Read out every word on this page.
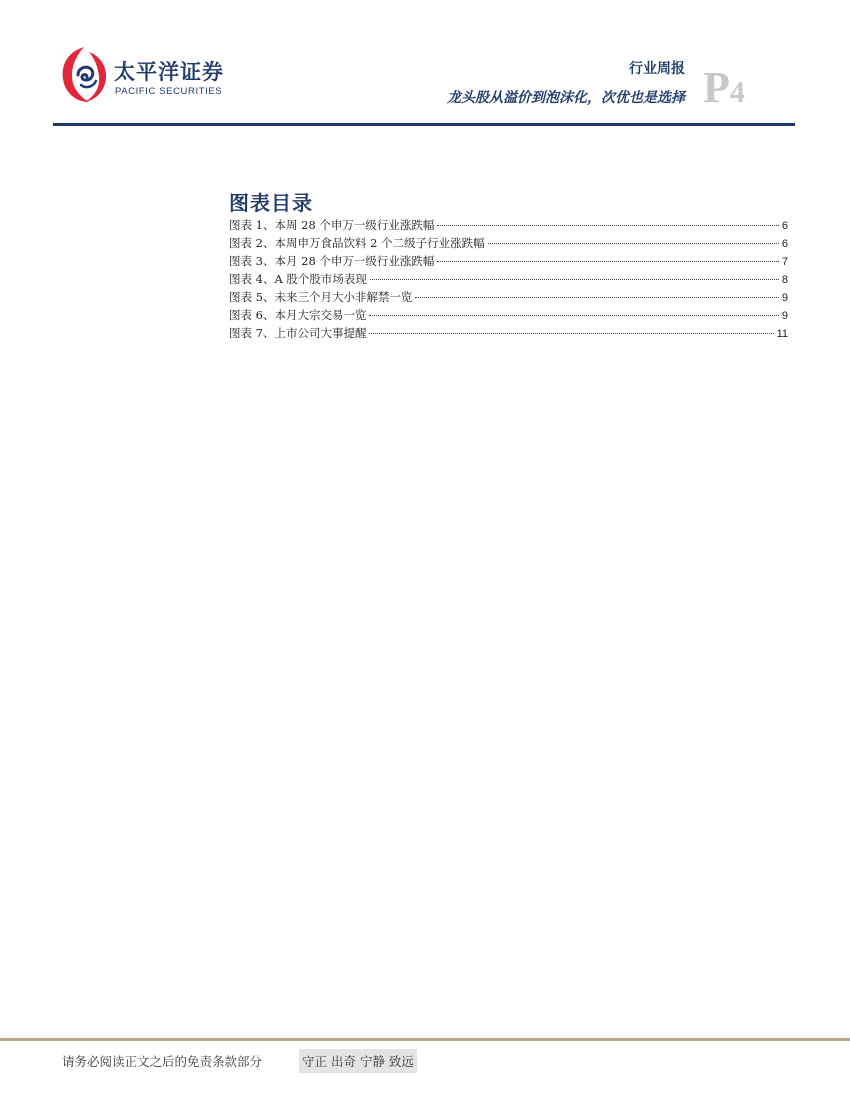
太平洋证券
PACIFIC SECURITIES
行业周报
龙头股从溢价到泡沫化，次优也是选择 P4
图表目录
图表 1、本周 28 个申万一级行业涨跌幅	6
图表 2、本周申万食品饮料 2 个二级子行业涨跌幅	6
图表 3、本月 28 个申万一级行业涨跌幅	7
图表 4、A 股个股市场表现	8
图表 5、未来三个月大小非解禁一览	9
图表 6、本月大宗交易一览	9
图表 7、上市公司大事提醒	11
请务必阅读正文之后的免责条款部分	守正 出奇 宁静 致远
